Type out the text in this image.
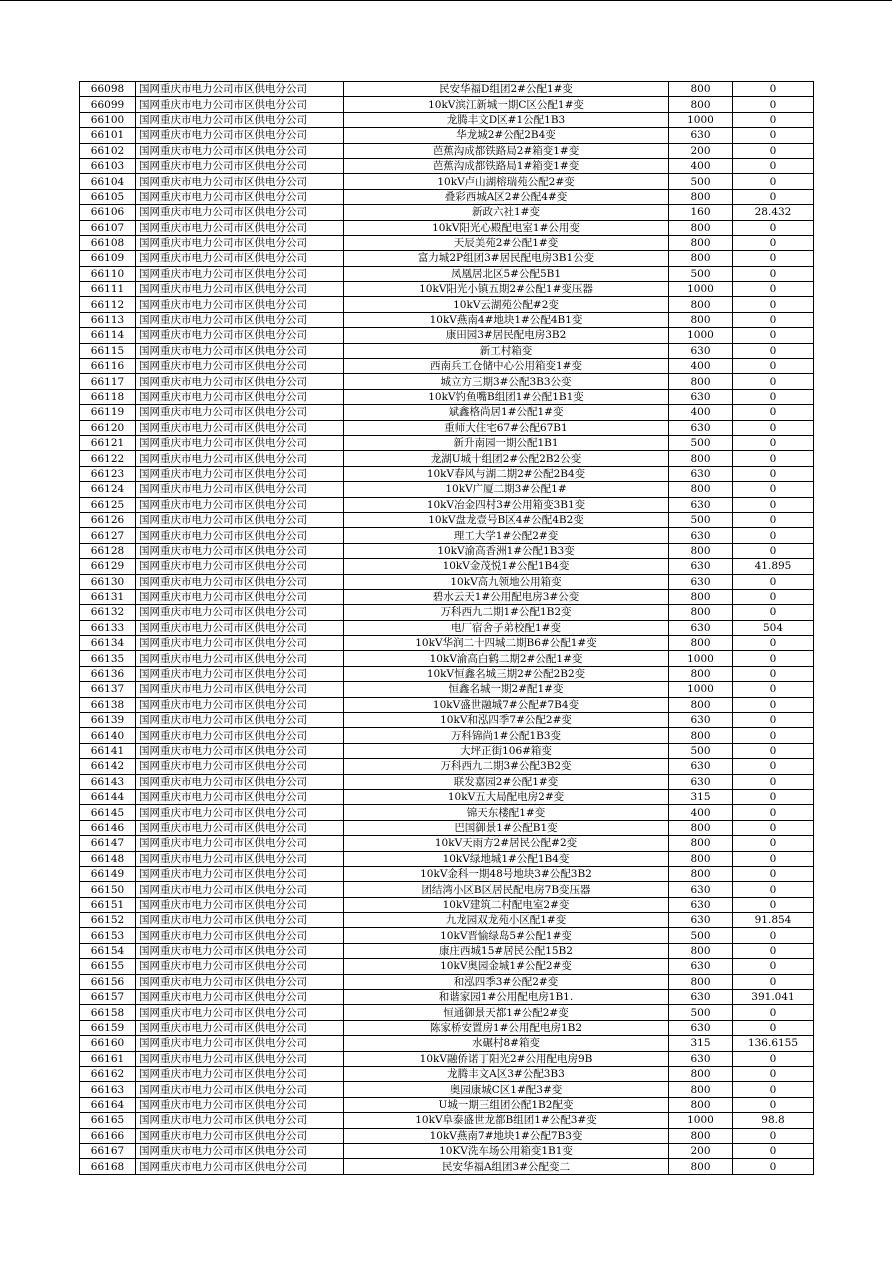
66098	国网重庆市电力公司市区供电分公司	民安华福D组团2#公配1#变	800	0
66099	国网重庆市电力公司市区供电分公司	10kV滨江新城一期C区公配1#变	800	0
66100	国网重庆市电力公司市区供电分公司	龙腾丰文D区#1公配1B3	1000	0
66101	国网重庆市电力公司市区供电分公司	华龙城2#公配2B4变	630	0
66102	国网重庆市电力公司市区供电分公司	芭蕉沟成都铁路局2#箱变1#变	200	0
66103	国网重庆市电力公司市区供电分公司	芭蕉沟成都铁路局1#箱变1#变	400	0
66104	国网重庆市电力公司市区供电分公司	10kV卢山湖榕瑞苑公配2#变	500	0
66105	国网重庆市电力公司市区供电分公司	叠彩西城A区2#公配4#变	800	0
66106	国网重庆市电力公司市区供电分公司	新政六社1#变	160	28.432
66107	国网重庆市电力公司市区供电分公司	10kV阳光心殿配电室1#公用变	800	0
66108	国网重庆市电力公司市区供电分公司	天辰美苑2#公配1#变	800	0
66109	国网重庆市电力公司市区供电分公司	富力城2P组团3#居民配电房3B1公变	800	0
66110	国网重庆市电力公司市区供电分公司	凤凰居北区5#公配5B1	500	0
66111	国网重庆市电力公司市区供电分公司	10kV阳光小镇五期2#公配1#变压器	1000	0
66112	国网重庆市电力公司市区供电分公司	10kV云湖苑公配#2变	800	0
66113	国网重庆市电力公司市区供电分公司	10kV燕南4#地块1#公配4B1变	800	0
66114	国网重庆市电力公司市区供电分公司	康田园3#居民配电房3B2	1000	0
66115	国网重庆市电力公司市区供电分公司	新工村箱变	630	0
66116	国网重庆市电力公司市区供电分公司	西南兵工仓储中心公用箱变1#变	400	0
66117	国网重庆市电力公司市区供电分公司	城立方三期3#公配3B3公变	800	0
66118	国网重庆市电力公司市区供电分公司	10kV钓鱼嘴B组团1#公配1B1变	630	0
66119	国网重庆市电力公司市区供电分公司	斌鑫格尚居1#公配1#变	400	0
66120	国网重庆市电力公司市区供电分公司	重师大住宅67#公配67B1	630	0
66121	国网重庆市电力公司市区供电分公司	新升南园一期公配1B1	500	0
66122	国网重庆市电力公司市区供电分公司	龙湖U城十组团2#公配2B2公变	800	0
66123	国网重庆市电力公司市区供电分公司	10kV春风与湖二期2#公配2B4变	630	0
66124	国网重庆市电力公司市区供电分公司	10kV广厦二期3#公配1#	800	0
66125	国网重庆市电力公司市区供电分公司	10kV冶金四村3#公用箱变3B1变	630	0
66126	国网重庆市电力公司市区供电分公司	10kV盘龙壹号B区4#公配4B2变	500	0
66127	国网重庆市电力公司市区供电分公司	理工大学1#公配2#变	630	0
66128	国网重庆市电力公司市区供电分公司	10kV渝高香洲1#公配1B3变	800	0
66129	国网重庆市电力公司市区供电分公司	10kV金茂悦1#公配1B4变	630	41.895
66130	国网重庆市电力公司市区供电分公司	10kV高九领地公用箱变	630	0
66131	国网重庆市电力公司市区供电分公司	碧水云天1#公用配电房3#公变	800	0
66132	国网重庆市电力公司市区供电分公司	万科西九二期1#公配1B2变	800	0
66133	国网重庆市电力公司市区供电分公司	电厂宿舍子弟校配1#变	630	504
66134	国网重庆市电力公司市区供电分公司	10kV华润二十四城二期B6#公配1#变	800	0
66135	国网重庆市电力公司市区供电分公司	10kV渝高白鹤二期2#公配1#变	1000	0
66136	国网重庆市电力公司市区供电分公司	10kV恒鑫名城三期2#公配2B2变	800	0
66137	国网重庆市电力公司市区供电分公司	恒鑫名城一期2#配1#变	1000	0
66138	国网重庆市电力公司市区供电分公司	10kV盛世融城7#公配#7B4变	800	0
66139	国网重庆市电力公司市区供电分公司	10kV和泓四季7#公配2#变	630	0
66140	国网重庆市电力公司市区供电分公司	万科锦尚1#公配1B3变	800	0
66141	国网重庆市电力公司市区供电分公司	大坪正街106#箱变	500	0
66142	国网重庆市电力公司市区供电分公司	万科西九二期3#公配3B2变	630	0
66143	国网重庆市电力公司市区供电分公司	联发嘉园2#公配1#变	630	0
66144	国网重庆市电力公司市区供电分公司	10kV五大局配电房2#变	315	0
66145	国网重庆市电力公司市区供电分公司	锦天东楼配1#变	400	0
66146	国网重庆市电力公司市区供电分公司	巴国御景1#公配B1变	800	0
66147	国网重庆市电力公司市区供电分公司	10kV天雨方2#居民公配#2变	800	0
66148	国网重庆市电力公司市区供电分公司	10kV绿地城1#公配1B4变	800	0
66149	国网重庆市电力公司市区供电分公司	10kV金科一期48号地块3#公配3B2	800	0
66150	国网重庆市电力公司市区供电分公司	团结湾小区B区居民配电房7B变压器	630	0
66151	国网重庆市电力公司市区供电分公司	10kV建筑二村配电室2#变	630	0
66152	国网重庆市电力公司市区供电分公司	九龙园双龙苑小区配1#变	630	91.854
66153	国网重庆市电力公司市区供电分公司	10kV晋愉绿岛5#公配1#变	500	0
66154	国网重庆市电力公司市区供电分公司	康庄西城15#居民公配15B2	800	0
66155	国网重庆市电力公司市区供电分公司	10kV奥园金城1#公配2#变	630	0
66156	国网重庆市电力公司市区供电分公司	和泓四季3#公配2#变	800	0
66157	国网重庆市电力公司市区供电分公司	和谐家园1#公用配电房1B1.	630	391.041
66158	国网重庆市电力公司市区供电分公司	恒通御景天都1#公配2#变	500	0
66159	国网重庆市电力公司市区供电分公司	陈家桥安置房1#公用配电房1B2	630	0
66160	国网重庆市电力公司市区供电分公司	水碾村8#箱变	315	136.6155
66161	国网重庆市电力公司市区供电分公司	10kV融侨诺丁阳光2#公用配电房9B	630	0
66162	国网重庆市电力公司市区供电分公司	龙腾丰文A区3#公配3B3	800	0
66163	国网重庆市电力公司市区供电分公司	奥园康城C区1#配3#变	800	0
66164	国网重庆市电力公司市区供电分公司	U城一期三组团公配1B2配变	800	0
66165	国网重庆市电力公司市区供电分公司	10kV阜泰盛世龙都B组团1#公配3#变	1000	98.8
66166	国网重庆市电力公司市区供电分公司	10kV燕南7#地块1#公配7B3变	800	0
66167	国网重庆市电力公司市区供电分公司	10KV洗车场公用箱变1B1变	200	0
66168	国网重庆市电力公司市区供电分公司	民安华福A组团3#公配变二	800	0
